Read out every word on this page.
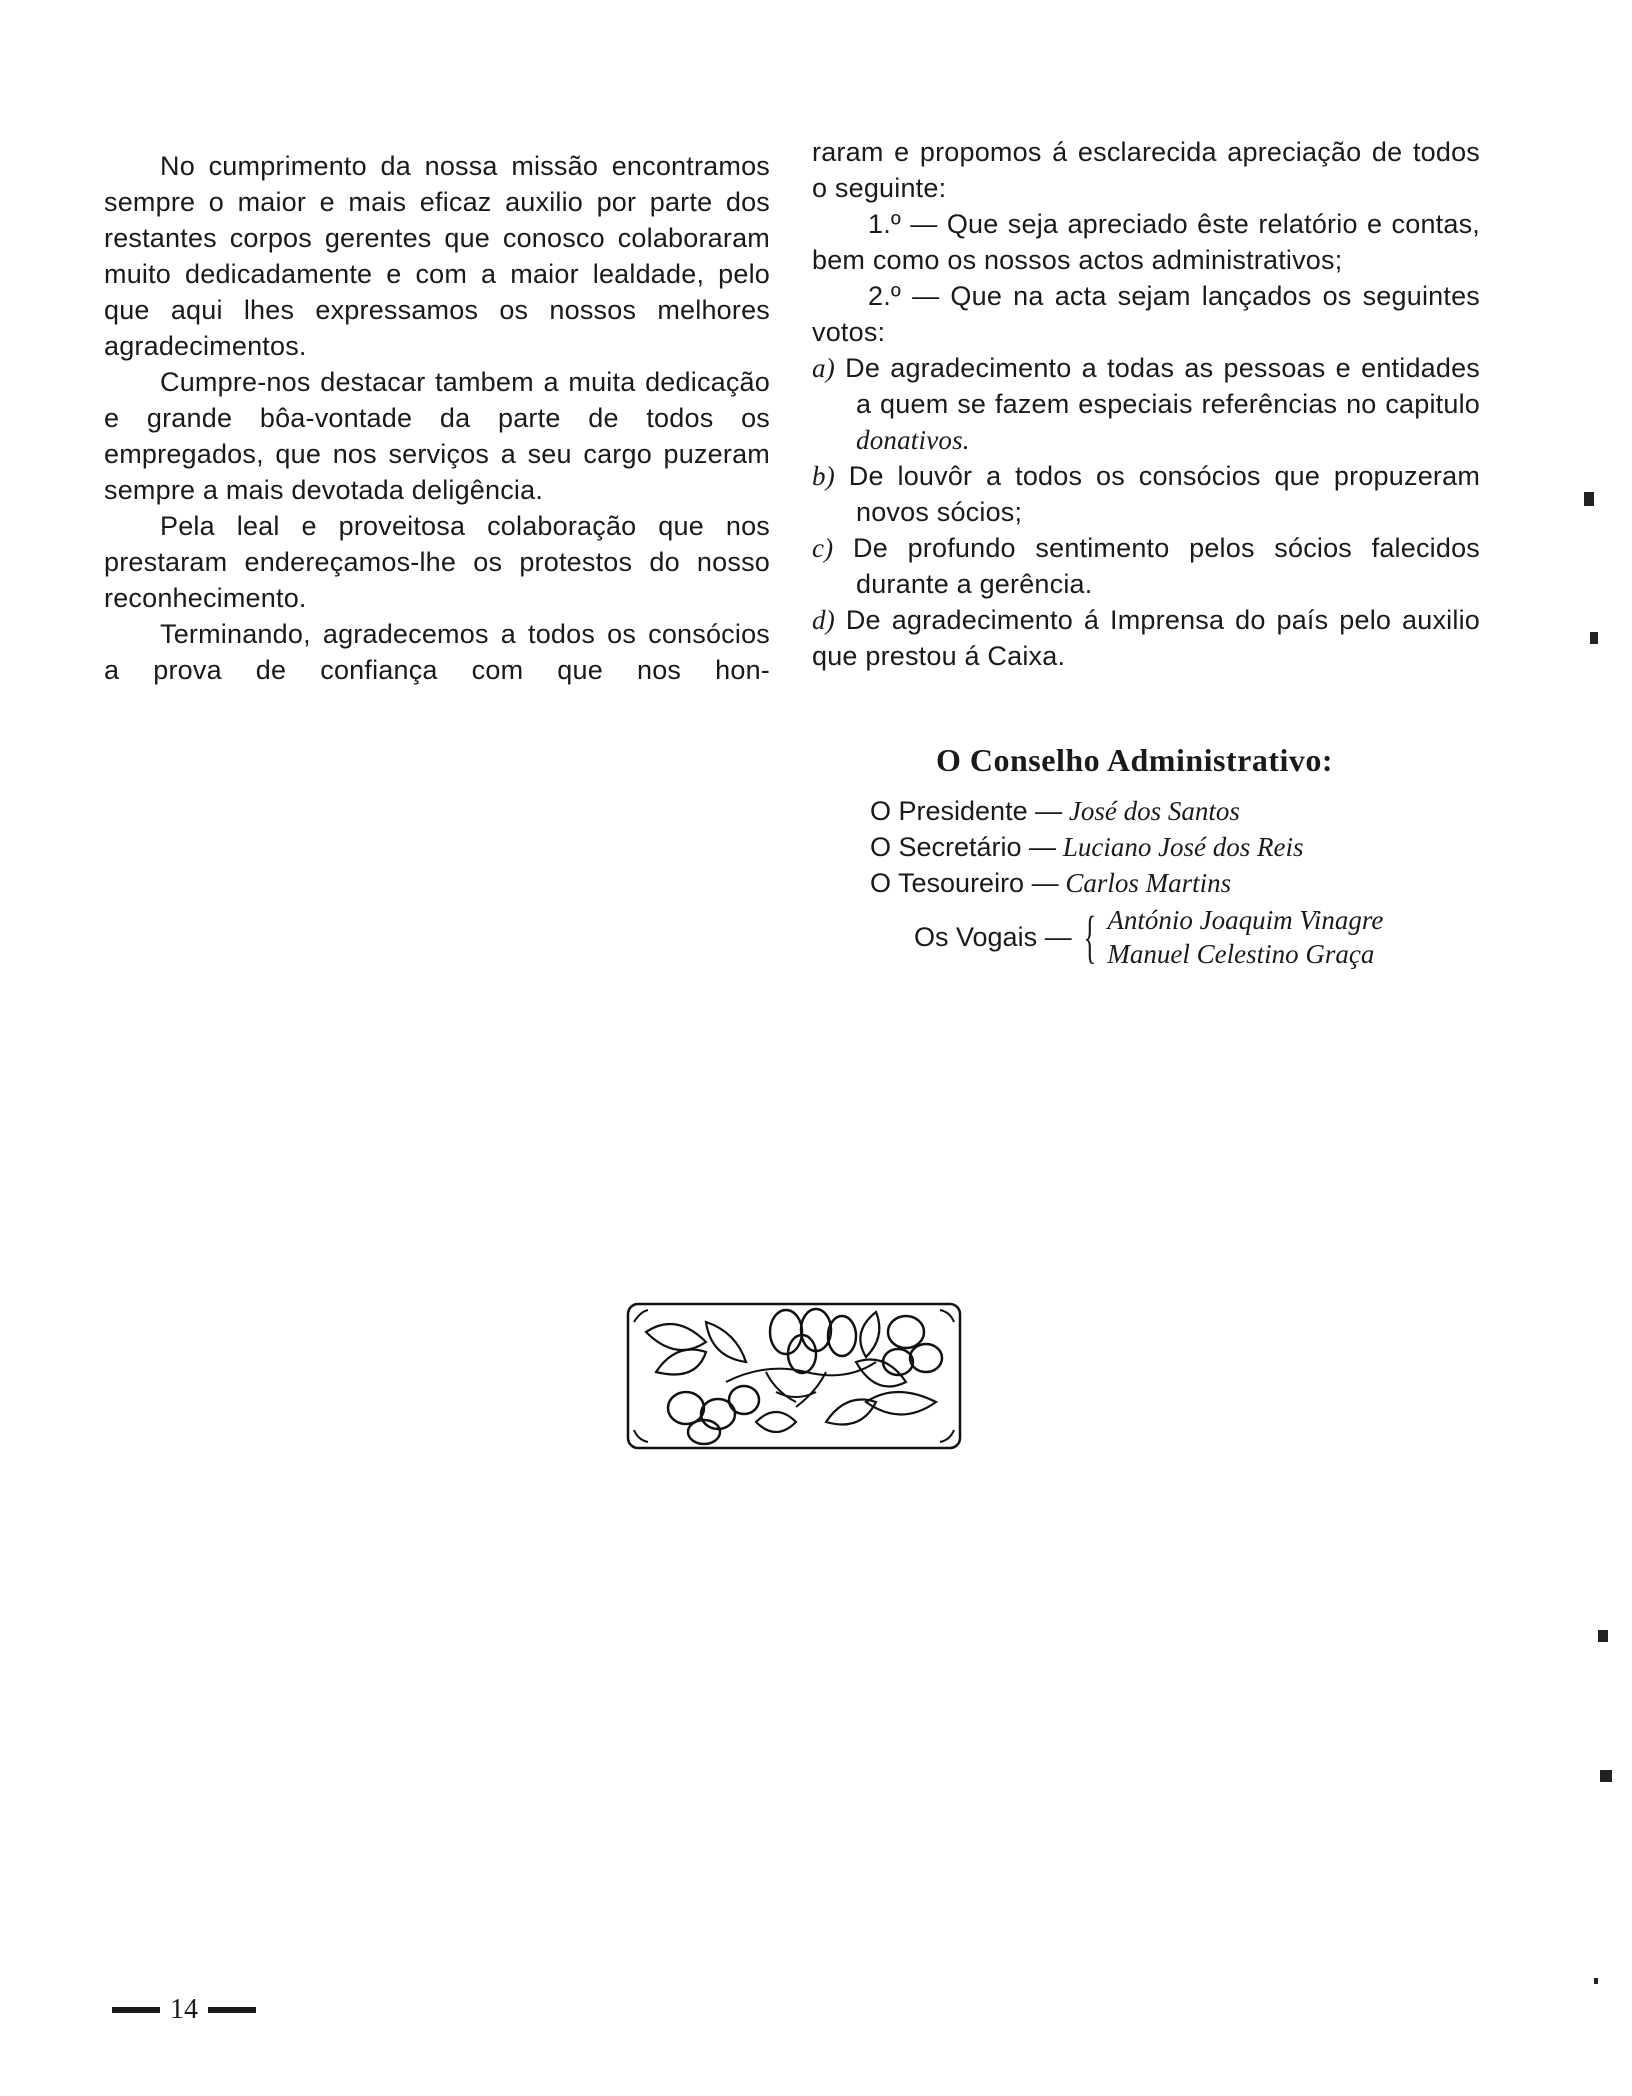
No cumprimento da nossa missão encontramos sempre o maior e mais eficaz auxilio por parte dos restantes corpos gerentes que conosco colaboraram muito dedicadamente e com a maior lealdade, pelo que aqui lhes expressamos os nossos melhores agradecimentos.

Cumpre-nos destacar tambem a muita dedicação e grande bôa-vontade da parte de todos os empregados, que nos serviços a seu cargo puzeram sempre a mais devotada deligência.

Pela leal e proveitosa colaboração que nos prestaram endereçamos-lhe os protestos do nosso reconhecimento.

Terminando, agradecemos a todos os consócios a prova de confiança com que nos hon-

raram e propomos á esclarecida apreciação de todos o seguinte:

1.º — Que seja apreciado êste relatório e contas, bem como os nossos actos administrativos;

2.º — Que na acta sejam lançados os seguintes votos:

a) De agradecimento a todas as pessoas e entidades a quem se fazem especiais referências no capitulo donativos.

b) De louvôr a todos os consócios que propuzeram novos sócios;

c) De profundo sentimento pelos sócios falecidos durante a gerência.

d) De agradecimento á Imprensa do país pelo auxilio que prestou á Caixa.

O Conselho Administrativo:
O Presidente — José dos Santos
O Secretário — Luciano José dos Reis
O Tesoureiro — Carlos Martins
Os Vogais — { António Joaquim Vinagre
Manuel Celestino Graça
14
